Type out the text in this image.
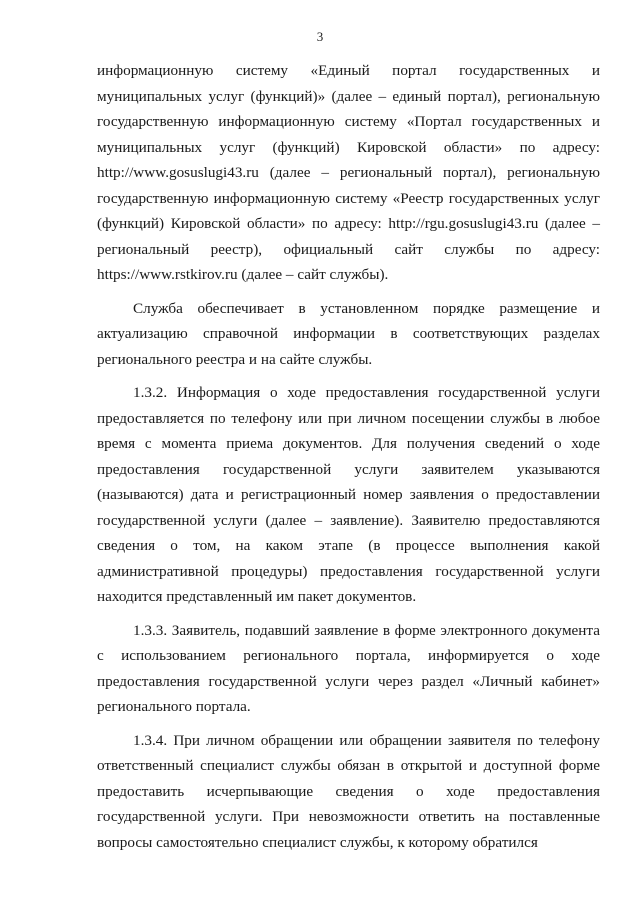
3

информационную систему «Единый портал государственных и муниципальных услуг (функций)» (далее – единый портал), региональную государственную информационную систему «Портал государственных и муниципальных услуг (функций) Кировской области» по адресу: http://www.gosuslugi43.ru (далее – региональный портал), региональную государственную информационную систему «Реестр государственных услуг (функций) Кировской области» по адресу: http://rgu.gosuslugi43.ru (далее – региональный реестр), официальный сайт службы по адресу: https://www.rstkirov.ru (далее – сайт службы).

Служба обеспечивает в установленном порядке размещение и актуализацию справочной информации в соответствующих разделах регионального реестра и на сайте службы.

1.3.2. Информация о ходе предоставления государственной услуги предоставляется по телефону или при личном посещении службы в любое время с момента приема документов. Для получения сведений о ходе предоставления государственной услуги заявителем указываются (называются) дата и регистрационный номер заявления о предоставлении государственной услуги (далее – заявление). Заявителю предоставляются сведения о том, на каком этапе (в процессе выполнения какой административной процедуры) предоставления государственной услуги находится представленный им пакет документов.

1.3.3. Заявитель, подавший заявление в форме электронного документа с использованием регионального портала, информируется о ходе предоставления государственной услуги через раздел «Личный кабинет» регионального портала.

1.3.4. При личном обращении или обращении заявителя по телефону ответственный специалист службы обязан в открытой и доступной форме предоставить исчерпывающие сведения о ходе предоставления государственной услуги. При невозможности ответить на поставленные вопросы самостоятельно специалист службы, к которому обратился
